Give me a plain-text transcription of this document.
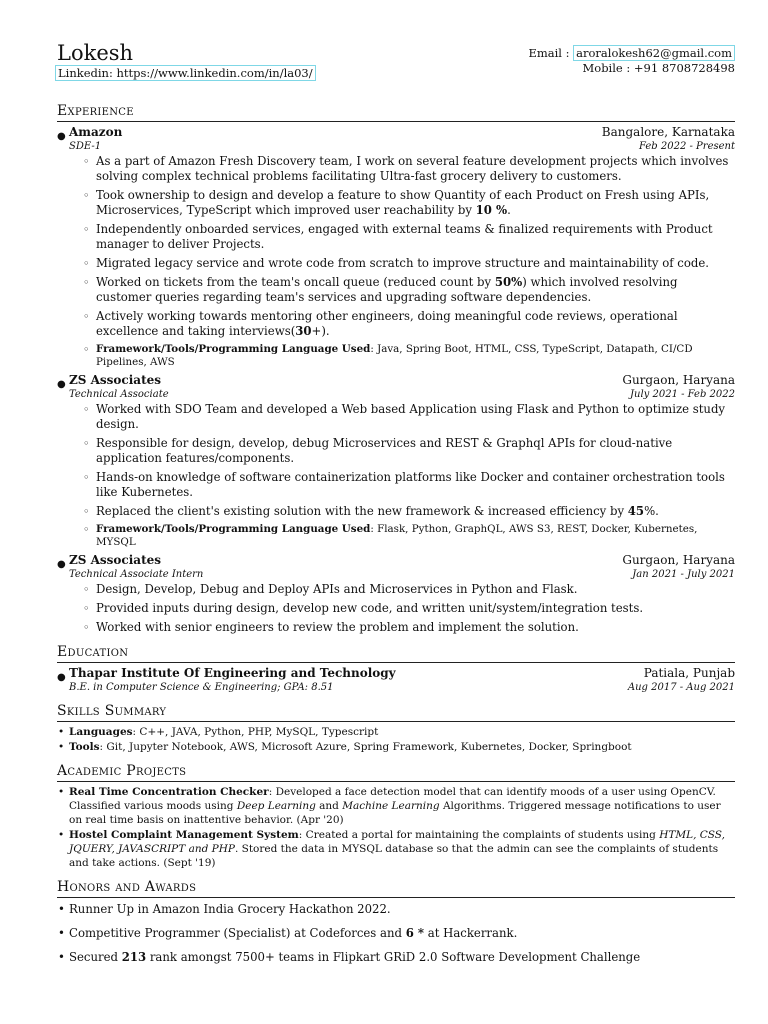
Lokesh
Linkedin: https://www.linkedin.com/in/la03/
Email : aroralokesh62@gmail.com
Mobile : +91 8708728498
Experience
● Amazon	Bangalore, Karnataka
SDE-1	Feb 2022 - Present
◦ As a part of Amazon Fresh Discovery team, I work on several feature development projects which involves solving complex technical problems facilitating Ultra-fast grocery delivery to customers.
◦ Took ownership to design and develop a feature to show Quantity of each Product on Fresh using APIs, Microservices, TypeScript which improved user reachability by 10 %.
◦ Independently onboarded services, engaged with external teams & finalized requirements with Product manager to deliver Projects.
◦ Migrated legacy service and wrote code from scratch to improve structure and maintainability of code.
◦ Worked on tickets from the team's oncall queue (reduced count by 50%) which involved resolving customer queries regarding team's services and upgrading software dependencies.
◦ Actively working towards mentoring other engineers, doing meaningful code reviews, operational excellence and taking interviews(30+).
◦ Framework/Tools/Programming Language Used: Java, Spring Boot, HTML, CSS, TypeScript, Datapath, CI/CD Pipelines, AWS
● ZS Associates	Gurgaon, Haryana
Technical Associate	July 2021 - Feb 2022
◦ Worked with SDO Team and developed a Web based Application using Flask and Python to optimize study design.
◦ Responsible for design, develop, debug Microservices and REST & Graphql APIs for cloud-native application features/components.
◦ Hands-on knowledge of software containerization platforms like Docker and container orchestration tools like Kubernetes.
◦ Replaced the client's existing solution with the new framework & increased efficiency by 45%.
◦ Framework/Tools/Programming Language Used: Flask, Python, GraphQL, AWS S3, REST, Docker, Kubernetes, MYSQL
● ZS Associates	Gurgaon, Haryana
Technical Associate Intern	Jan 2021 - July 2021
◦ Design, Develop, Debug and Deploy APIs and Microservices in Python and Flask.
◦ Provided inputs during design, develop new code, and written unit/system/integration tests.
◦ Worked with senior engineers to review the problem and implement the solution.
Education
● Thapar Institute Of Engineering and Technology	Patiala, Punjab
B.E. in Computer Science & Engineering; GPA: 8.51	Aug 2017 - Aug 2021
Skills Summary
• Languages: C++, JAVA, Python, PHP, MySQL, Typescript
• Tools: Git, Jupyter Notebook, AWS, Microsoft Azure, Spring Framework, Kubernetes, Docker, Springboot
Academic Projects
• Real Time Concentration Checker: Developed a face detection model that can identify moods of a user using OpenCV. Classified various moods using Deep Learning and Machine Learning Algorithms. Triggered message notifications to user on real time basis on inattentive behavior. (Apr '20)
• Hostel Complaint Management System: Created a portal for maintaining the complaints of students using HTML, CSS, JQUERY, JAVASCRIPT and PHP. Stored the data in MYSQL database so that the admin can see the complaints of students and take actions. (Sept '19)
Honors and Awards
• Runner Up in Amazon India Grocery Hackathon 2022.
• Competitive Programmer (Specialist) at Codeforces and 6 * at Hackerrank.
• Secured 213 rank amongst 7500+ teams in Flipkart GRiD 2.0 Software Development Challenge
